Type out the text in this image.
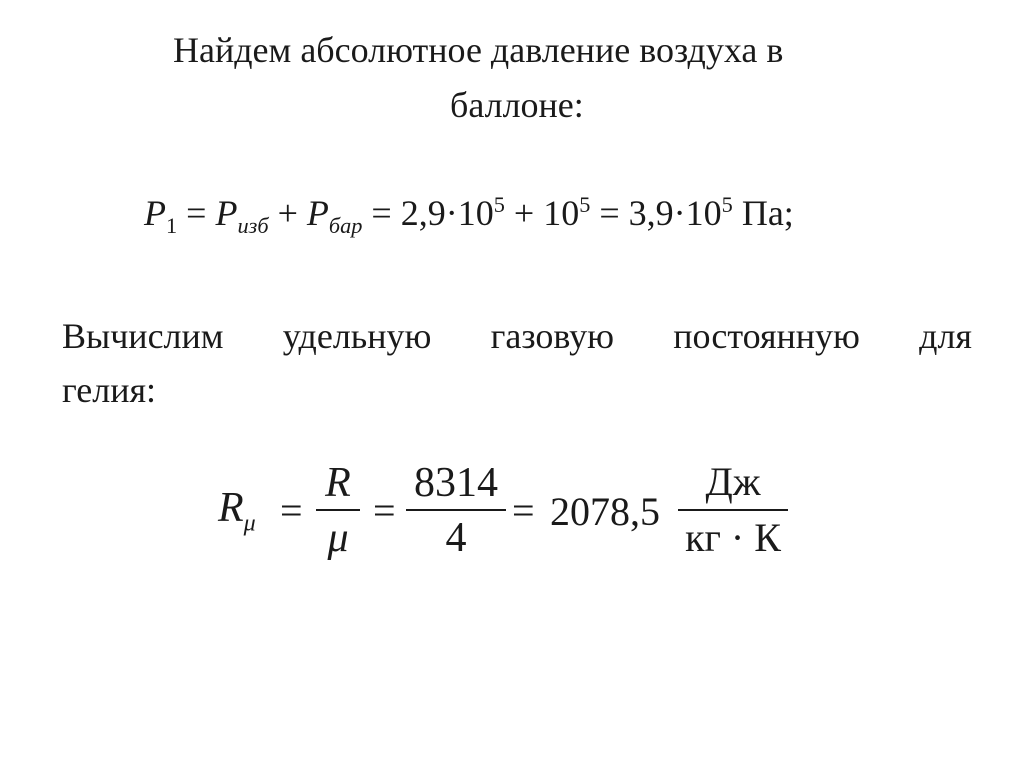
Найдем абсолютное давление воздуха в
баллоне:
$P_1 = P_{изб} + P_{бар} = 2,9\cdot 10^5 + 10^5 = 3,9\cdot 10^5$ Па;
Вычислим удельную газовую постоянную для
гелия:
$R_\mu$ =
R
μ
=
8314
4
= 2078,5
Дж
кг · К
